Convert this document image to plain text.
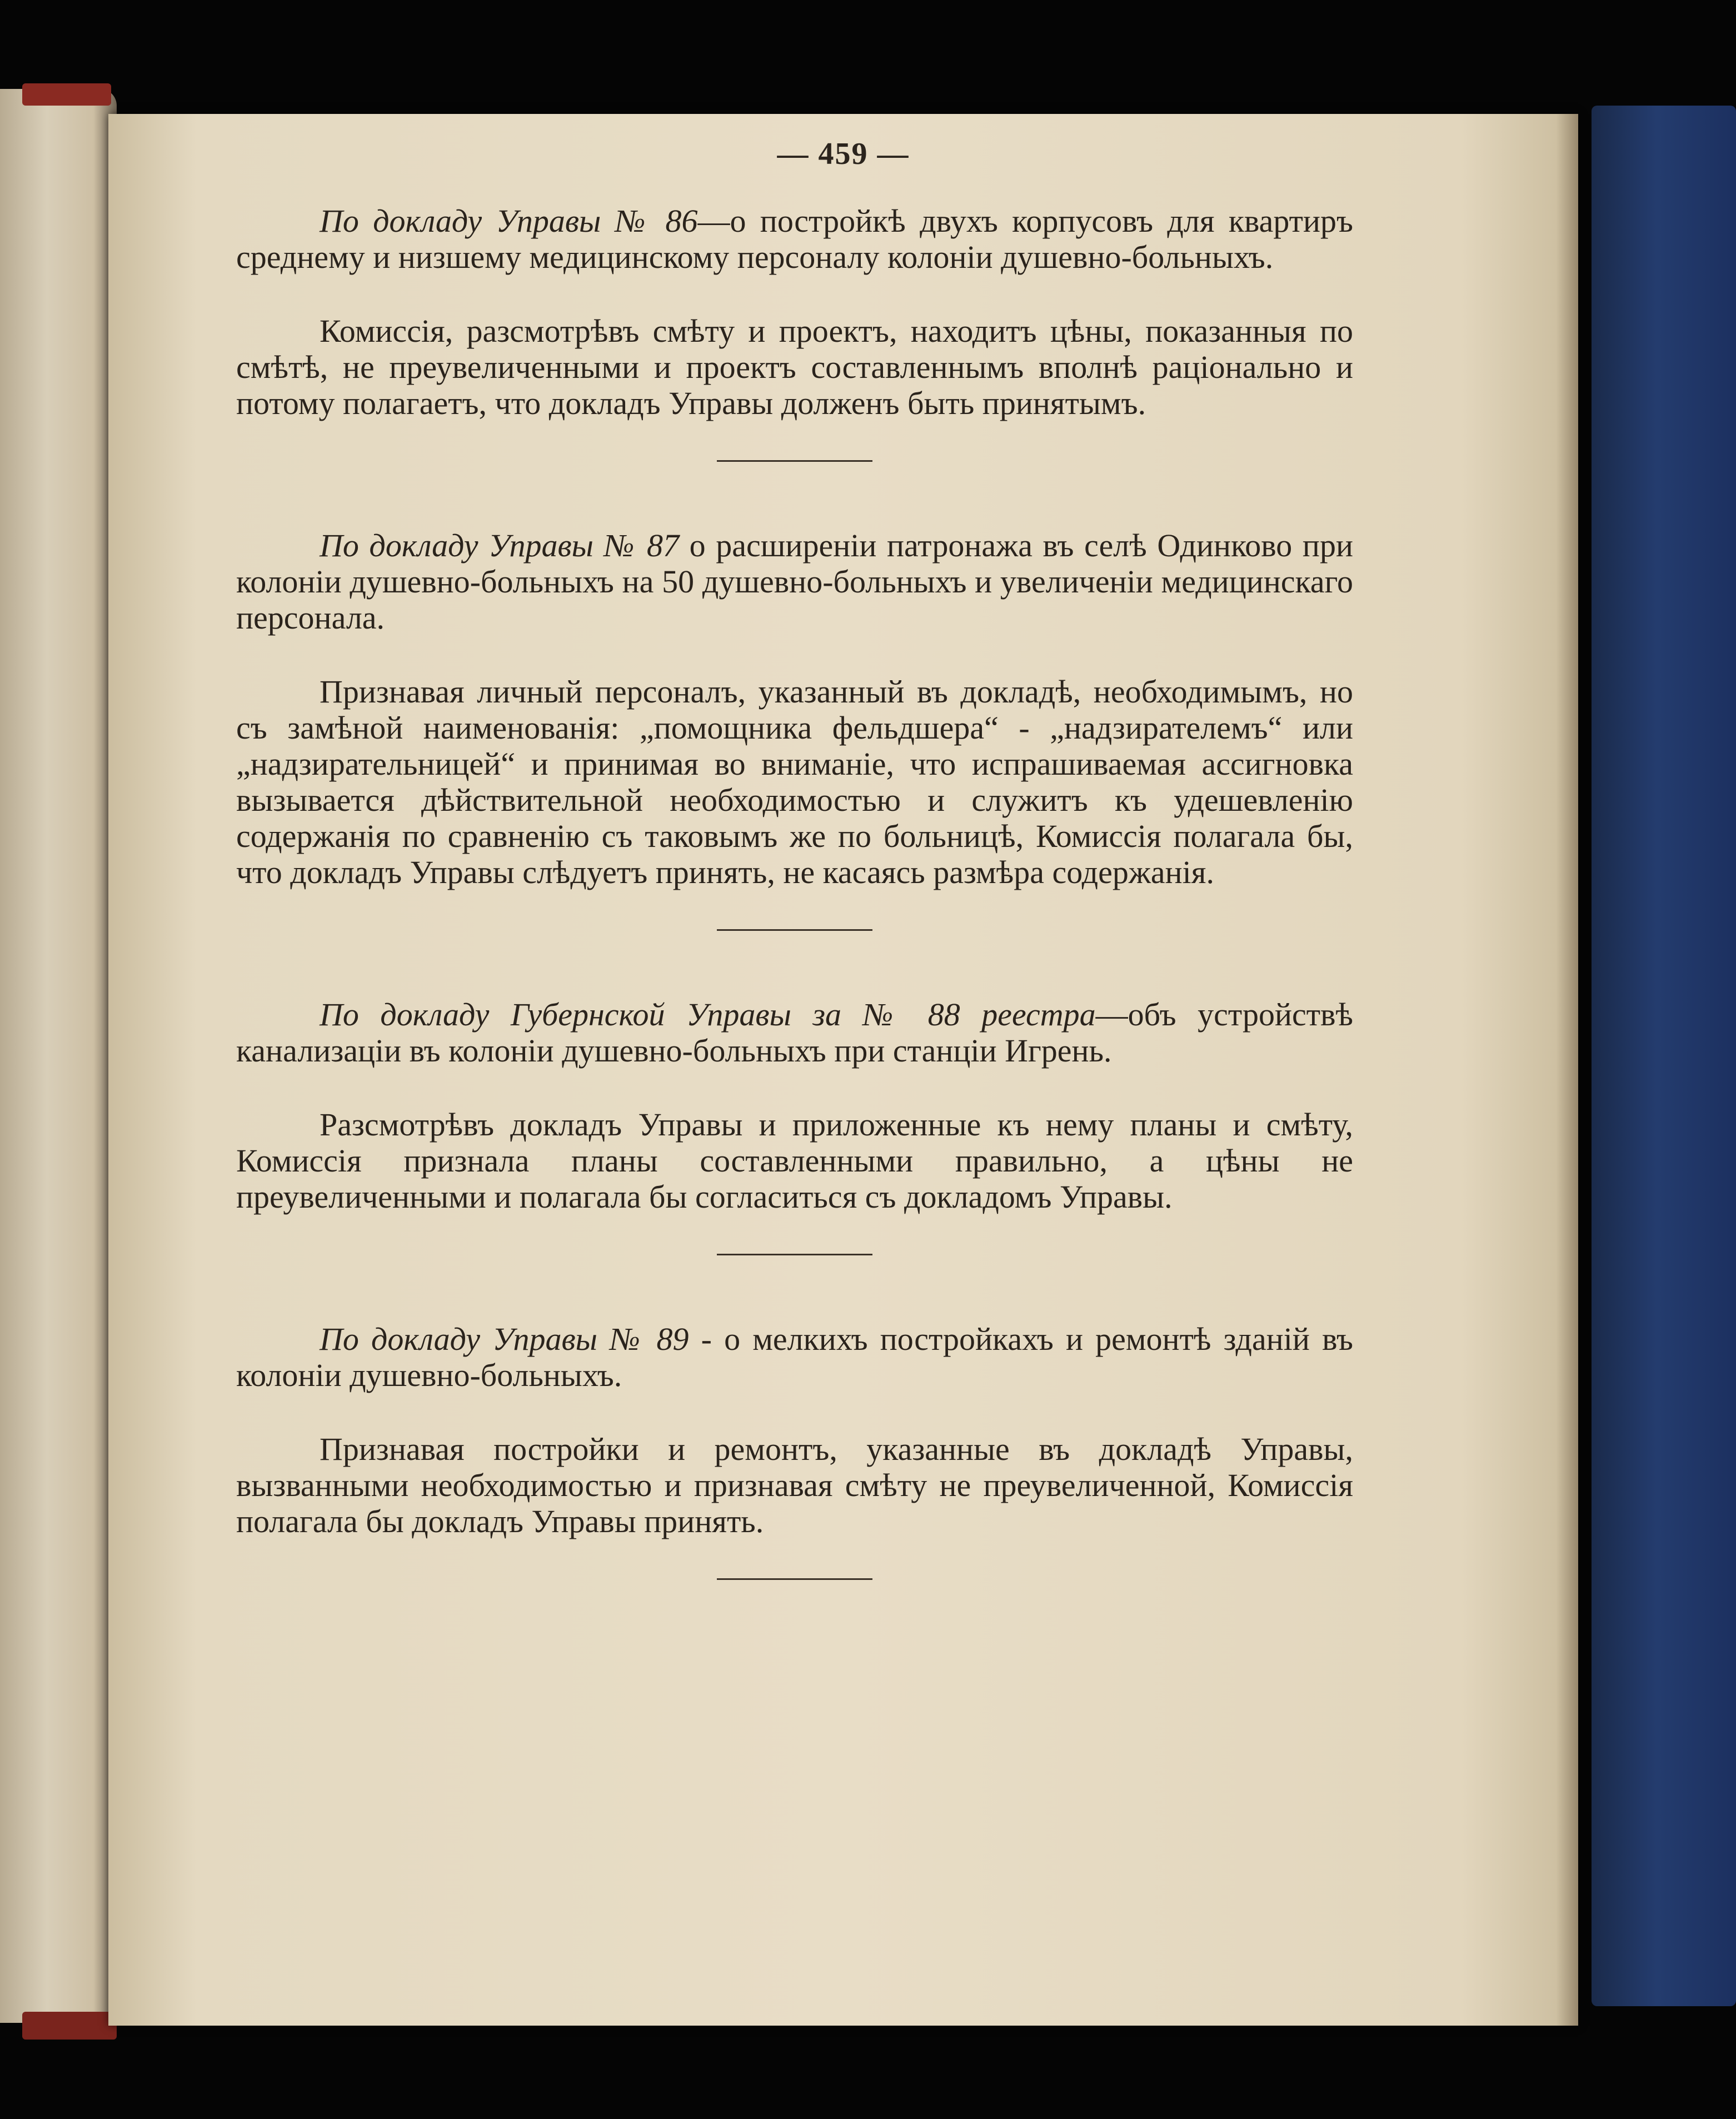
— 459 —

По докладу Управы № 86—о постройкѣ двухъ корпусовъ для квартиръ среднему и низшему медицинскому персоналу колоніи душевно-больныхъ.

Комиссія, разсмотрѣвъ смѣту и проектъ, находитъ цѣны, показанныя по смѣтѣ, не преувеличенными и проектъ составленнымъ вполнѣ раціонально и потому полагаетъ, что докладъ Управы долженъ быть принятымъ.

По докладу Управы № 87 о расширеніи патронажа въ селѣ Одинково при колоніи душевно-больныхъ на 50 душевно-больныхъ и увеличеніи медицинскаго персонала.

Признавая личный персоналъ, указанный въ докладѣ, необходимымъ, но съ замѣной наименованія: „помощника фельдшера“ - „надзирателемъ“ или „надзирательницей“ и принимая во вниманіе, что испрашиваемая ассигновка вызывается дѣйствительной необходимостью и служитъ къ удешевленію содержанія по сравненію съ таковымъ же по больницѣ, Комиссія полагала бы, что докладъ Управы слѣдуетъ принять, не касаясь размѣра содержанія.

По докладу Губернской Управы за № 88 реестра—объ устройствѣ канализаціи въ колоніи душевно-больныхъ при станціи Игрень.

Разсмотрѣвъ докладъ Управы и приложенные къ нему планы и смѣту, Комиссія признала планы составленными правильно, а цѣны не преувеличенными и полагала бы согласиться съ докладомъ Управы.

По докладу Управы № 89 - о мелкихъ постройкахъ и ремонтѣ зданій въ колоніи душевно-больныхъ.

Признавая постройки и ремонтъ, указанные въ докладѣ Управы, вызванными необходимостью и признавая смѣту не преувеличенной, Комиссія полагала бы докладъ Управы принять.
